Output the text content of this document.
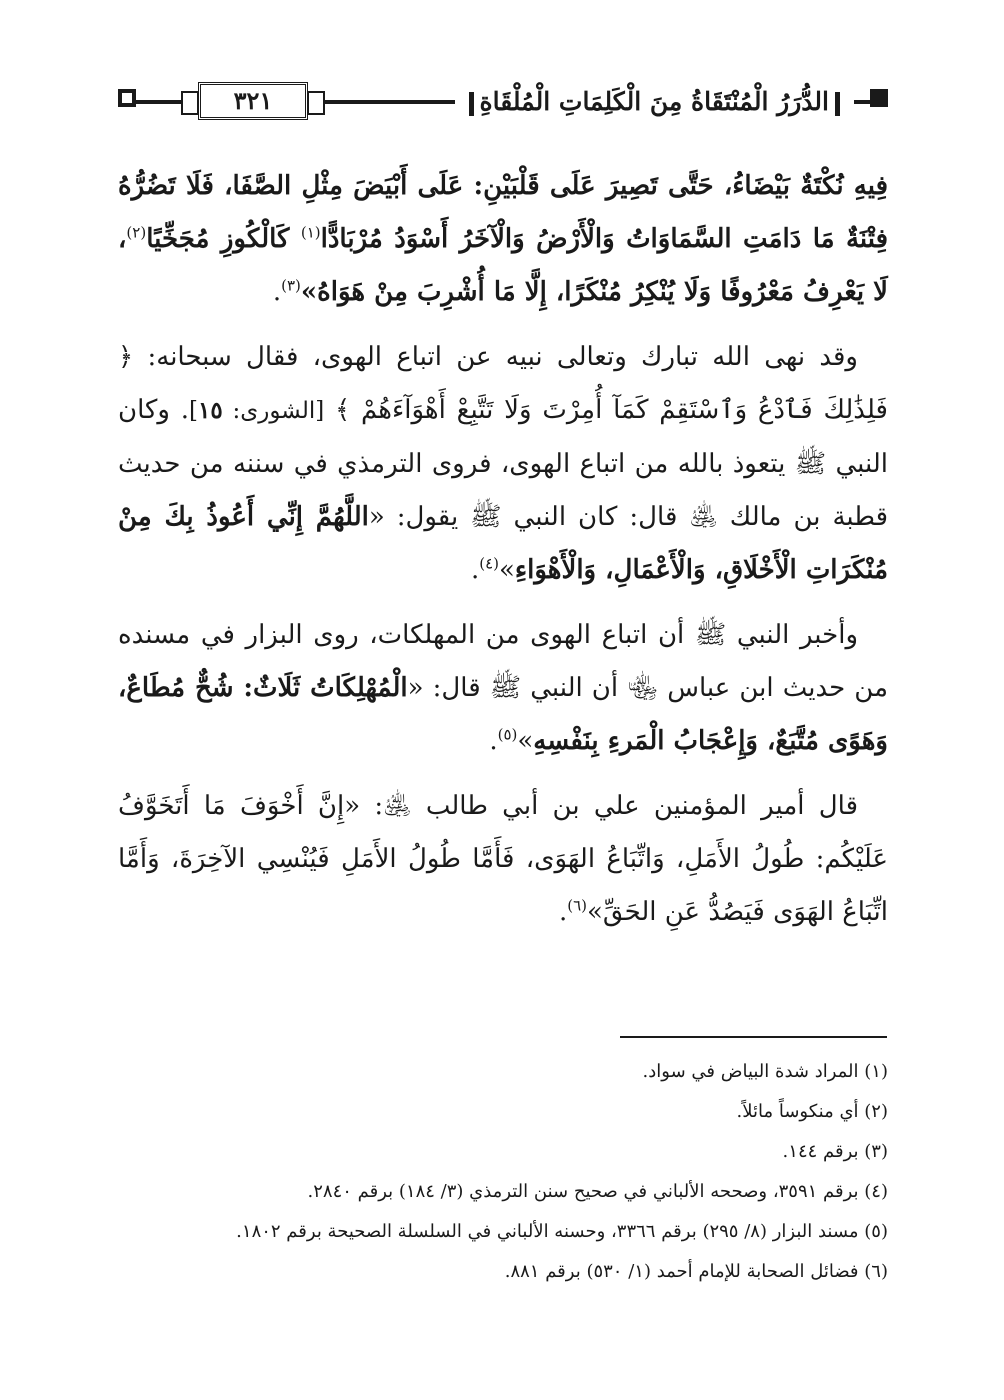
٣٢١	الدُّرَرُ الْمُنْتَقَاةُ مِنَ الْكَلِمَاتِ الْمُلْقَاةِ

فِيهِ نُكْتَةٌ بَيْضَاءُ، حَتَّى تَصِيرَ عَلَى قَلْبَيْنِ: عَلَى أَبْيَضَ مِثْلِ الصَّفَا، فَلَا تَضُرُّهُ فِتْنَةٌ مَا دَامَتِ السَّمَاوَاتُ وَالْأَرْضُ وَالْآخَرُ أَسْوَدُ مُرْبَادًّا$^{(١)}$ كَالْكُوزِ مُجَخِّيًا$^{(٢)}$، لَا يَعْرِفُ مَعْرُوفًا وَلَا يُنْكِرُ مُنْكَرًا، إِلَّا مَا أُشْرِبَ مِنْ هَوَاهُ»$^{(٣)}$.

وقد نهى الله تبارك وتعالى نبيه عن اتباع الهوى، فقال سبحانه: ﴿ فَلِذَٰلِكَ فَٱدْعُ وَٱسْتَقِمْ كَمَآ أُمِرْتَ وَلَا تَتَّبِعْ أَهْوَآءَهُمْ ﴾ [الشورى: ١٥]. وكان النبي ﷺ يتعوذ بالله من اتباع الهوى، فروى الترمذي في سننه من حديث قطبة بن مالك ﵁ قال: كان النبي ﷺ يقول: «اللَّهُمَّ إِنِّي أَعُوذُ بِكَ مِنْ مُنْكَرَاتِ الْأَخْلَاقِ، وَالْأَعْمَالِ، وَالْأَهْوَاءِ»$^{(٤)}$.

وأخبر النبي ﷺ أن اتباع الهوى من المهلكات، روى البزار في مسنده من حديث ابن عباس ﵄ أن النبي ﷺ قال: «الْمُهْلِكَاتُ ثَلَاثٌ: شُحٌّ مُطَاعٌ، وَهَوًى مُتَّبَعٌ، وَإِعْجَابُ الْمَرءِ بِنَفْسِهِ»$^{(٥)}$.

قال أمير المؤمنين علي بن أبي طالب ﵁: «إِنَّ أَخْوَفَ مَا أَتَخَوَّفُ عَلَيْكُم: طُولُ الأَمَلِ، وَاتِّبَاعُ الهَوَى، فَأَمَّا طُولُ الأَمَلِ فَيُنْسِي الآخِرَةَ، وَأَمَّا اتِّبَاعُ الهَوَى فَيَصُدُّ عَنِ الحَقِّ»$^{(٦)}$.

(١) المراد شدة البياض في سواد.
(٢) أي منكوساً مائلاً.
(٣) برقم ١٤٤.
(٤) برقم ٣٥٩١، وصححه الألباني في صحيح سنن الترمذي (٣/ ١٨٤) برقم ٢٨٤٠.
(٥) مسند البزار (٨/ ٢٩٥) برقم ٣٣٦٦، وحسنه الألباني في السلسلة الصحيحة برقم ١٨٠٢.
(٦) فضائل الصحابة للإمام أحمد (١/ ٥٣٠) برقم ٨٨١.
